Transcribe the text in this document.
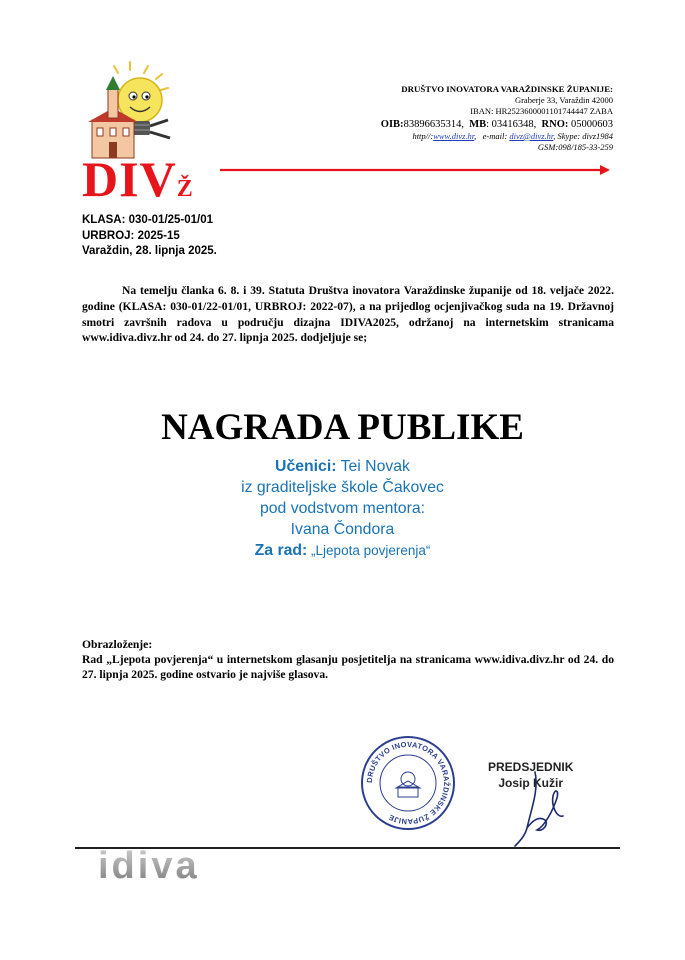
DRUŠTVO INOVATORA VARAŽDINSKE ŽUPANIJE:
Graberje 33, Varaždin 42000
IBAN: HR2523600001101744447 ZABA
OIB:83896635314, MB: 03416348, RNO: 05000603
http//:www.divz.hr,   e-mail: divz@divz.hr, Skype: divz1984
GSM:098/185-33-259
DIVŽ
KLASA: 030-01/25-01/01
URBROJ: 2025-15
Varaždin, 28. lipnja 2025.

Na temelju članka 6. 8. i 39. Statuta Društva inovatora Varaždinske županije od 18. veljače 2022. godine (KLASA: 030-01/22-01/01, URBROJ: 2022-07), a na prijedlog ocjenjivačkog suda na 19. Državnoj smotri završnih radova u području dizajna IDIVA2025, održanoj na internetskim stranicama www.idiva.divz.hr od 24. do 27. lipnja 2025. dodjeljuje se;

NAGRADA PUBLIKE
Učenici: Tei Novak
iz graditeljske škole Čakovec
pod vodstvom mentora:
Ivana Čondora
Za rad: „Ljepota povjerenja“

Obrazloženje:

Rad „Ljepota povjerenja“ u internetskom glasanju posjetitelja na stranicama www.idiva.divz.hr od 24. do 27. lipnja 2025. godine ostvario je najviše glasova.

DRUŠTVO INOVATORA VARAŽDINSKE ŽUPANIJE
PREDSJEDNIK
Josip Kužir
idiva
